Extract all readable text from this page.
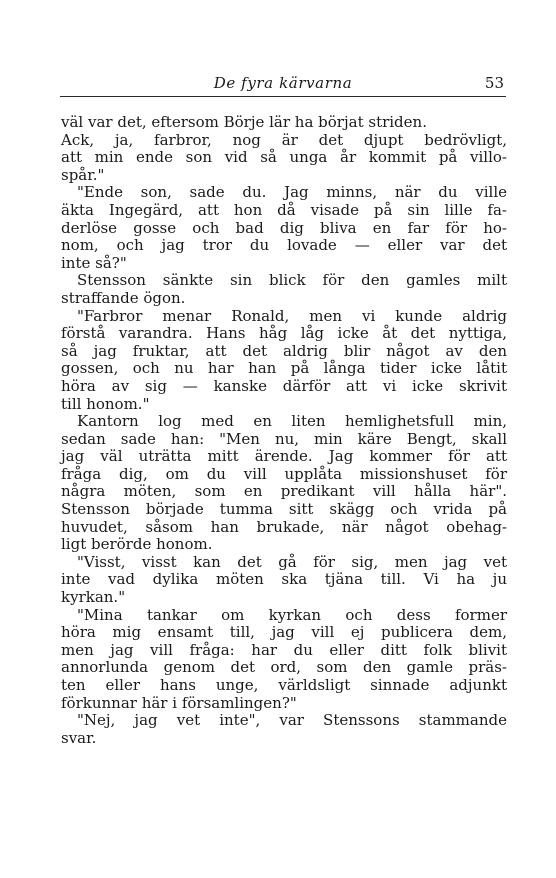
De fyra kärvarna	53
väl var det, eftersom Börje lär ha börjat striden.
Ack, ja, farbror, nog är det djupt bedrövligt,
att min ende son vid så unga år kommit på villo-
spår."
"Ende son, sade du. Jag minns, när du ville
äkta Ingegärd, att hon då visade på sin lille fa-
derlöse gosse och bad dig bliva en far för ho-
nom, och jag tror du lovade — eller var det
inte så?"
Stensson sänkte sin blick för den gamles milt
straffande ögon.
"Farbror menar Ronald, men vi kunde aldrig
förstå varandra. Hans håg låg icke åt det nyttiga,
så jag fruktar, att det aldrig blir något av den
gossen, och nu har han på långa tider icke låtit
höra av sig — kanske därför att vi icke skrivit
till honom."
Kantorn log med en liten hemlighetsfull min,
sedan sade han: "Men nu, min käre Bengt, skall
jag väl uträtta mitt ärende. Jag kommer för att
fråga dig, om du vill upplåta missionshuset för
några möten, som en predikant vill hålla här".
Stensson började tumma sitt skägg och vrida på
huvudet, såsom han brukade, när något obehag-
ligt berörde honom.
"Visst, visst kan det gå för sig, men jag vet
inte vad dylika möten ska tjäna till. Vi ha ju
kyrkan."
"Mina tankar om kyrkan och dess former
höra mig ensamt till, jag vill ej publicera dem,
men jag vill fråga: har du eller ditt folk blivit
annorlunda genom det ord, som den gamle präs-
ten eller hans unge, världsligt sinnade adjunkt
förkunnar här i församlingen?"
"Nej, jag vet inte", var Stenssons stammande
svar.
